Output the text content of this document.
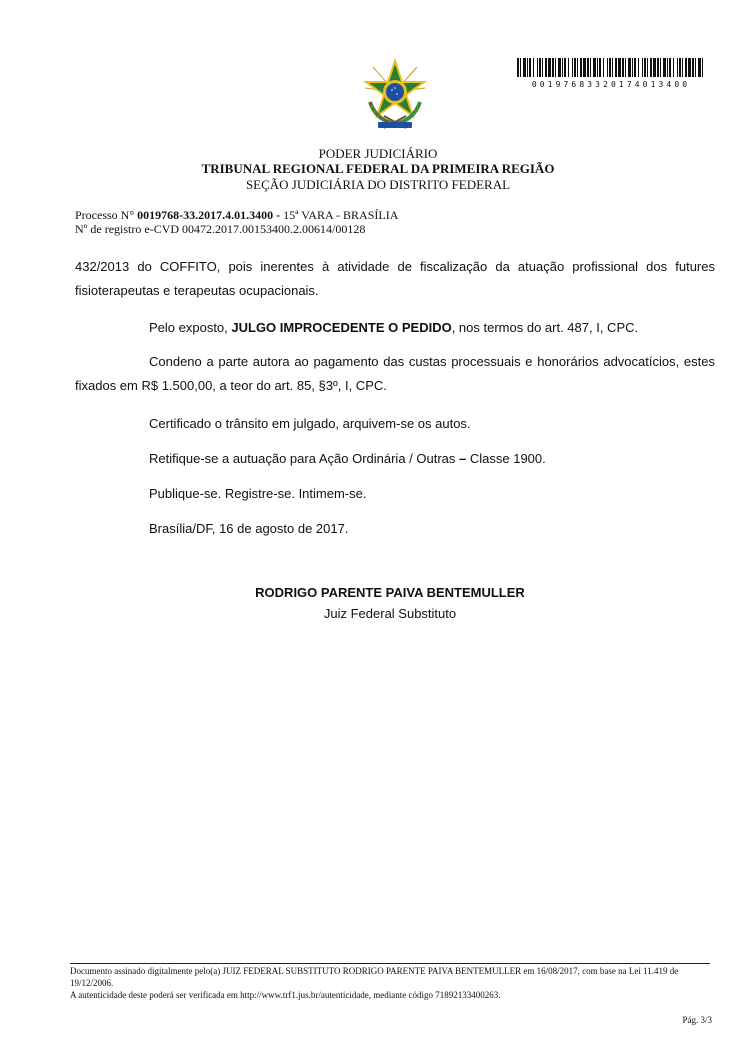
00197683320174013400
PODER JUDICIÁRIO
TRIBUNAL REGIONAL FEDERAL DA PRIMEIRA REGIÃO
SEÇÃO JUDICIÁRIA DO DISTRITO FEDERAL
Processo N° 0019768-33.2017.4.01.3400 - 15ª VARA - BRASÍLIA
Nº de registro e-CVD 00472.2017.00153400.2.00614/00128
432/2013 do COFFITO, pois inerentes à atividade de fiscalização da atuação profissional dos futures fisioterapeutas e terapeutas ocupacionais.
Pelo exposto, JULGO IMPROCEDENTE O PEDIDO, nos termos do art. 487, I, CPC.
Condeno a parte autora ao pagamento das custas processuais e honorários advocatícios, estes fixados em R$ 1.500,00, a teor do art. 85, §3º, I, CPC.
Certificado o trânsito em julgado, arquivem-se os autos.
Retifique-se a autuação para Ação Ordinária / Outras – Classe 1900.
Publique-se. Registre-se. Intimem-se.
Brasília/DF, 16 de agosto de 2017.
RODRIGO PARENTE PAIVA BENTEMULLER
Juiz Federal Substituto
Documento assinado digitalmente pelo(a) JUIZ FEDERAL SUBSTITUTO RODRIGO PARENTE PAIVA BENTEMULLER em 16/08/2017, com base na Lei 11.419 de 19/12/2006.
A autenticidade deste poderá ser verificada em http://www.trf1.jus.br/autenticidade, mediante código 71892133400263.
Pág. 3/3
